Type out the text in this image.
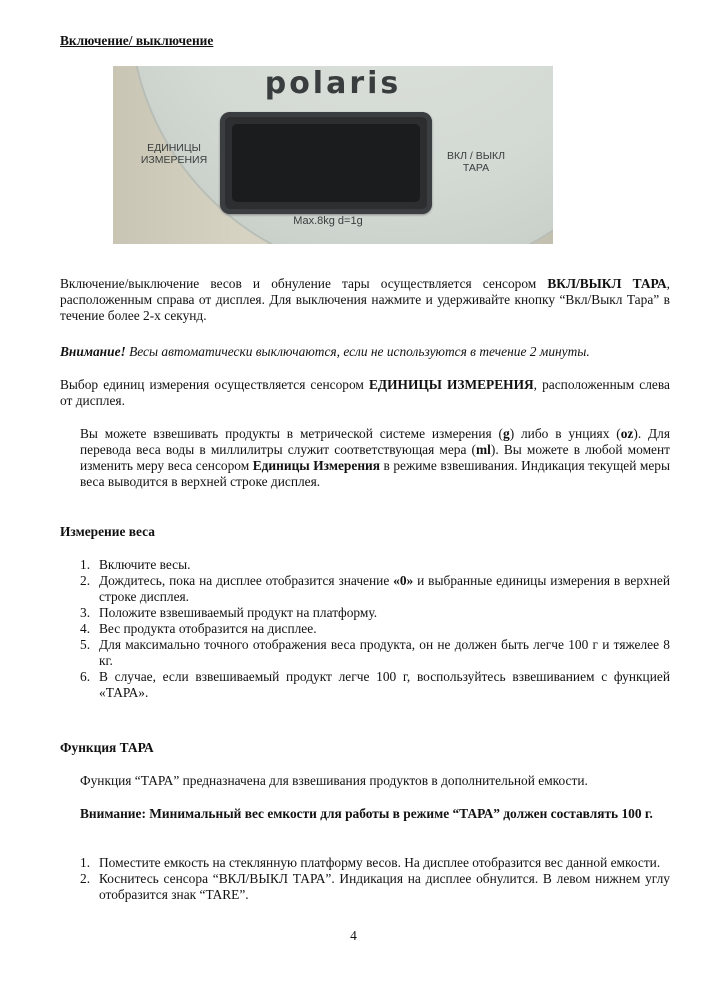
Включение/ выключение
polaris
ЕДИНИЦЫ
ИЗМЕРЕНИЯ	ВКЛ / ВЫКЛ
ТАРА
Max.8kg d=1g
Включение/выключение весов и обнуление тары осуществляется сенсором ВКЛ/ВЫКЛ ТАРА, расположенным справа от дисплея. Для выключения нажмите и удерживайте кнопку “Вкл/Выкл Тара” в течение более 2-х секунд.
Внимание! Весы автоматически выключаются, если не используются в течение 2 минуты.
Выбор единиц измерения осуществляется сенсором ЕДИНИЦЫ ИЗМЕРЕНИЯ, расположенным слева от дисплея.
Вы можете взвешивать продукты в метрической системе измерения (g) либо в унциях (oz). Для перевода веса воды в миллилитры служит соответствующая мера (ml). Вы можете в любой момент изменить меру веса сенсором Единицы Измерения в режиме взвешивания. Индикация текущей меры веса выводится в верхней строке дисплея.
Измерение веса
1. Включите весы.
2. Дождитесь, пока на дисплее отобразится значение «0» и выбранные единицы измерения в верхней строке дисплея.
3. Положите взвешиваемый продукт на платформу.
4. Вес продукта отобразится на дисплее.
5. Для максимально точного отображения веса продукта, он не должен быть легче 100 г и тяжелее 8 кг.
6. В случае, если взвешиваемый продукт легче 100 г, воспользуйтесь взвешиванием с функцией «ТАРА».
Функция ТАРА
Функция “ТАРА” предназначена для взвешивания продуктов в дополнительной емкости.
Внимание: Минимальный вес емкости для работы в режиме “ТАРА” должен составлять 100 г.
1. Поместите емкость на стеклянную платформу весов. На дисплее отобразится вес данной емкости.
2. Коснитесь сенсора “ВКЛ/ВЫКЛ ТАРА”. Индикация на дисплее обнулится. В левом нижнем углу отобразится знак “TARE”.
4
